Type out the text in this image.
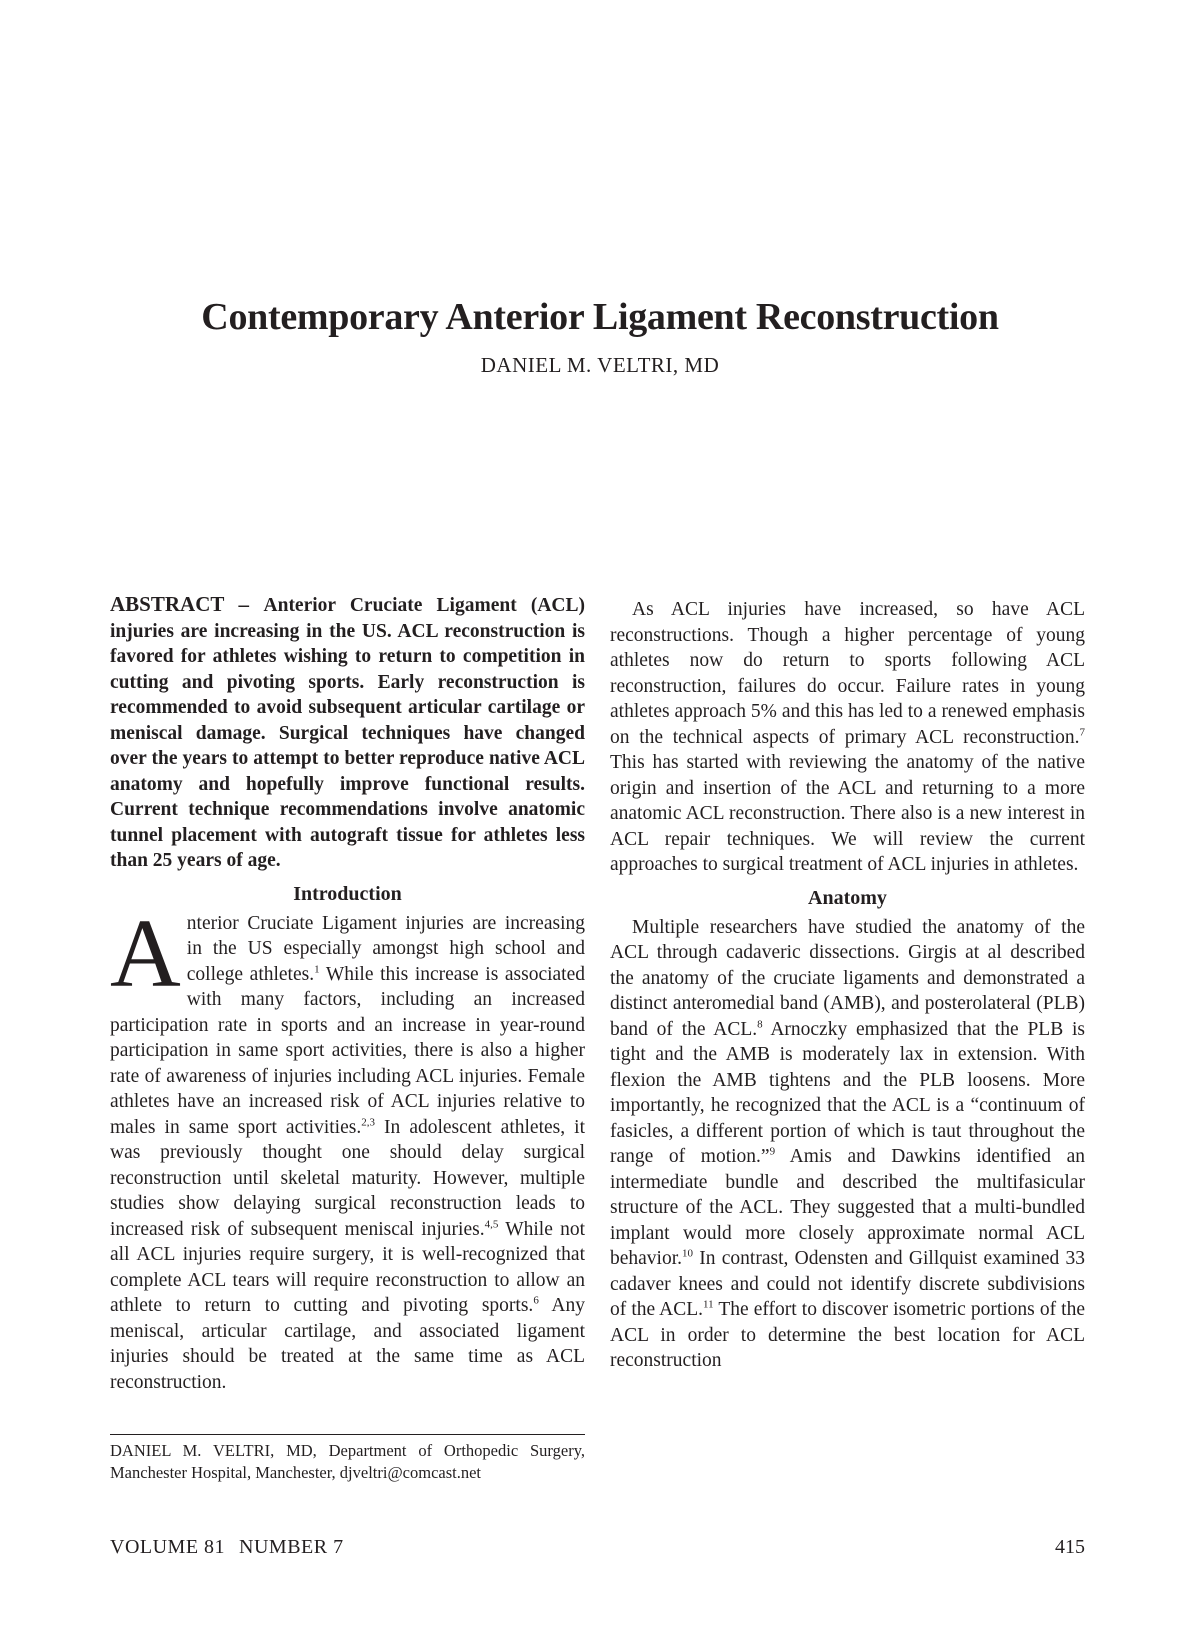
Contemporary Anterior Ligament Reconstruction
DANIEL M. VELTRI, MD

ABSTRACT – Anterior Cruciate Ligament (ACL) injuries are increasing in the US. ACL reconstruction is favored for athletes wishing to return to competition in cutting and pivoting sports. Early reconstruction is recommended to avoid subsequent articular cartilage or meniscal damage. Surgical techniques have changed over the years to attempt to better reproduce native ACL anatomy and hopefully improve functional results. Current technique recommendations involve anatomic tunnel placement with autograft tissue for athletes less than 25 years of age.

Introduction

Anterior Cruciate Ligament injuries are increasing in the US especially amongst high school and college athletes.$^1$ While this increase is associated with many factors, including an increased participation rate in sports and an increase in year-round participation in same sport activities, there is also a higher rate of awareness of injuries including ACL injuries. Female athletes have an increased risk of ACL injuries relative to males in same sport activities.$^{2,3}$ In adolescent athletes, it was previously thought one should delay surgical reconstruction until skeletal maturity. However, multiple studies show delaying surgical reconstruction leads to increased risk of subsequent meniscal injuries.$^{4,5}$ While not all ACL injuries require surgery, it is well-recognized that complete ACL tears will require reconstruction to allow an athlete to return to cutting and pivoting sports.$^6$ Any meniscal, articular cartilage, and associated ligament injuries should be treated at the same time as ACL reconstruction.

As ACL injuries have increased, so have ACL reconstructions. Though a higher percentage of young athletes now do return to sports following ACL reconstruction, failures do occur. Failure rates in young athletes approach 5% and this has led to a renewed emphasis on the technical aspects of primary ACL reconstruction.$^7$ This has started with reviewing the anatomy of the native origin and insertion of the ACL and returning to a more anatomic ACL reconstruction. There also is a new interest in ACL repair techniques. We will review the current approaches to surgical treatment of ACL injuries in athletes.

Anatomy

Multiple researchers have studied the anatomy of the ACL through cadaveric dissections. Girgis at al described the anatomy of the cruciate ligaments and demonstrated a distinct anteromedial band (AMB), and posterolateral (PLB) band of the ACL.$^8$ Arnoczky emphasized that the PLB is tight and the AMB is moderately lax in extension. With flexion the AMB tightens and the PLB loosens. More importantly, he recognized that the ACL is a “continuum of fasicles, a different portion of which is taut throughout the range of motion.”$^9$ Amis and Dawkins identified an intermediate bundle and described the multifasicular structure of the ACL. They suggested that a multi-bundled implant would more closely approximate normal ACL behavior.$^{10}$ In contrast, Odensten and Gillquist examined 33 cadaver knees and could not identify discrete subdivisions of the ACL.$^{11}$ The effort to discover isometric portions of the ACL in order to determine the best location for ACL reconstruction

DANIEL M. VELTRI, MD, Department of Orthopedic Surgery, Manchester Hospital, Manchester, djveltri@comcast.net
VOLUME 81 NUMBER 7	415
